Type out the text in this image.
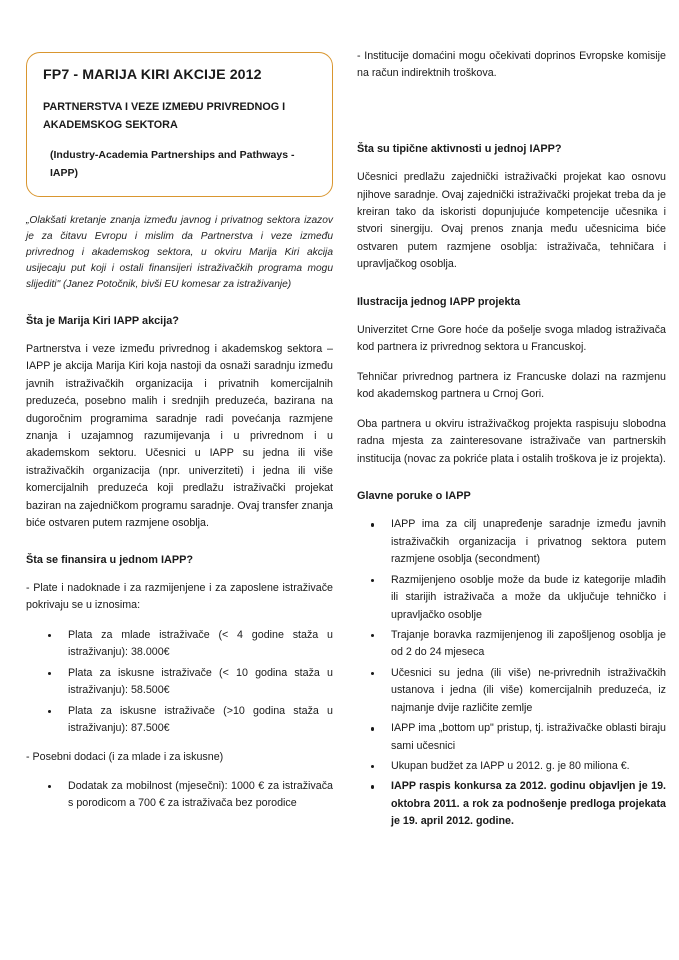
FP7 - MARIJA KIRI AKCIJE 2012
PARTNERSTVA I VEZE IZMEĐU PRIVREDNOG I AKADEMSKOG SEKTORA
(Industry-Academia Partnerships and Pathways - IAPP)
„Olakšati kretanje znanja između javnog i privatnog sektora izazov je za čitavu Evropu i mislim da Partnerstva i veze između privrednog i akademskog sektora, u okviru Marija Kiri akcija usijecaju put koji i ostali finansijeri istraživačkih programa mogu slijediti" (Janez Potočnik, bivši EU komesar za istraživanje)
Šta je Marija Kiri IAPP akcija?

Partnerstva i veze između privrednog i akademskog sektora – IAPP je akcija Marija Kiri koja nastoji da osnaži saradnju između javnih istraživačkih organizacija i privatnih komercijalnih preduzeća, posebno malih i srednjih preduzeća, bazirana na dugoročnim programima saradnje radi povećanja razmjene znanja i uzajamnog razumijevanja i u privrednom i u akademskom sektoru. Učesnici u IAPP su jedna ili više istraživačkih organizacija (npr. univerziteti) i jedna ili više komercijalnih preduzeća koji predlažu istraživački projekat baziran na zajedničkom programu saradnje. Ovaj transfer znanja biće ostvaren putem razmjene osoblja.

Šta se finansira u jednom IAPP?

- Plate i nadoknade i za razmijenjene i za zaposlene istraživače pokrivaju se u iznosima:

Plata za mlade istraživače (< 4 godine staža u istraživanju): 38.000€
Plata za iskusne istraživače (< 10 godina staža u istraživanju): 58.500€
Plata za iskusne istraživače (>10 godina staža u istraživanju): 87.500€

- Posebni dodaci (i za mlade i za iskusne)

Dodatak za mobilnost (mjesečni): 1000 € za istraživača s porodicom a 700 € za istraživača bez porodice

- Institucije domaćini mogu očekivati doprinos Evropske komisije na račun indirektnih troškova.

Šta su tipične aktivnosti u jednoj IAPP?

Učesnici predlažu zajednički istraživački projekat kao osnovu njihove saradnje. Ovaj zajednički istraživački projekat treba da je kreiran tako da iskoristi dopunjujuće kompetencije učesnika i stvori sinergiju. Ovaj prenos znanja među učesnicima biće ostvaren putem razmjene osoblja: istraživača, tehničara i upravljačkog osoblja.

Ilustracija jednog IAPP projekta

Univerzitet Crne Gore hoće da pošelje svoga mladog istraživača kod partnera iz privrednog sektora u Francuskoj.

Tehničar privrednog partnera iz Francuske dolazi na razmjenu kod akademskog partnera u Crnoj Gori.

Oba partnera u okviru istraživačkog projekta raspisuju slobodna radna mjesta za zainteresovane istraživače van partnerskih institucija (novac za pokriće plata i ostalih troškova je iz projekta).

Glavne poruke o IAPP
IAPP ima za cilj unapređenje saradnje između javnih istraživačkih organizacija i privatnog sektora putem razmjene osoblja (secondment)
Razmijenjeno osoblje može da bude iz kategorije mlađih ili starijih istraživača a može da uključuje tehničko i upravljačko osoblje
Trajanje boravka razmijenjenog ili zapošljenog osoblja je od 2 do 24 mjeseca
Učesnici su jedna (ili više) ne-privrednih istraživačkih ustanova i jedna (ili više) komercijalnih preduzeća, iz najmanje dvije različite zemlje
IAPP ima „bottom up" pristup, tj. istraživačke oblasti biraju sami učesnici
Ukupan budžet za IAPP u 2012. g. je 80 miliona €.
IAPP raspis konkursa za 2012. godinu objavljen je 19. oktobra 2011. a rok za podnošenje predloga projekata je 19. april 2012. godine.
